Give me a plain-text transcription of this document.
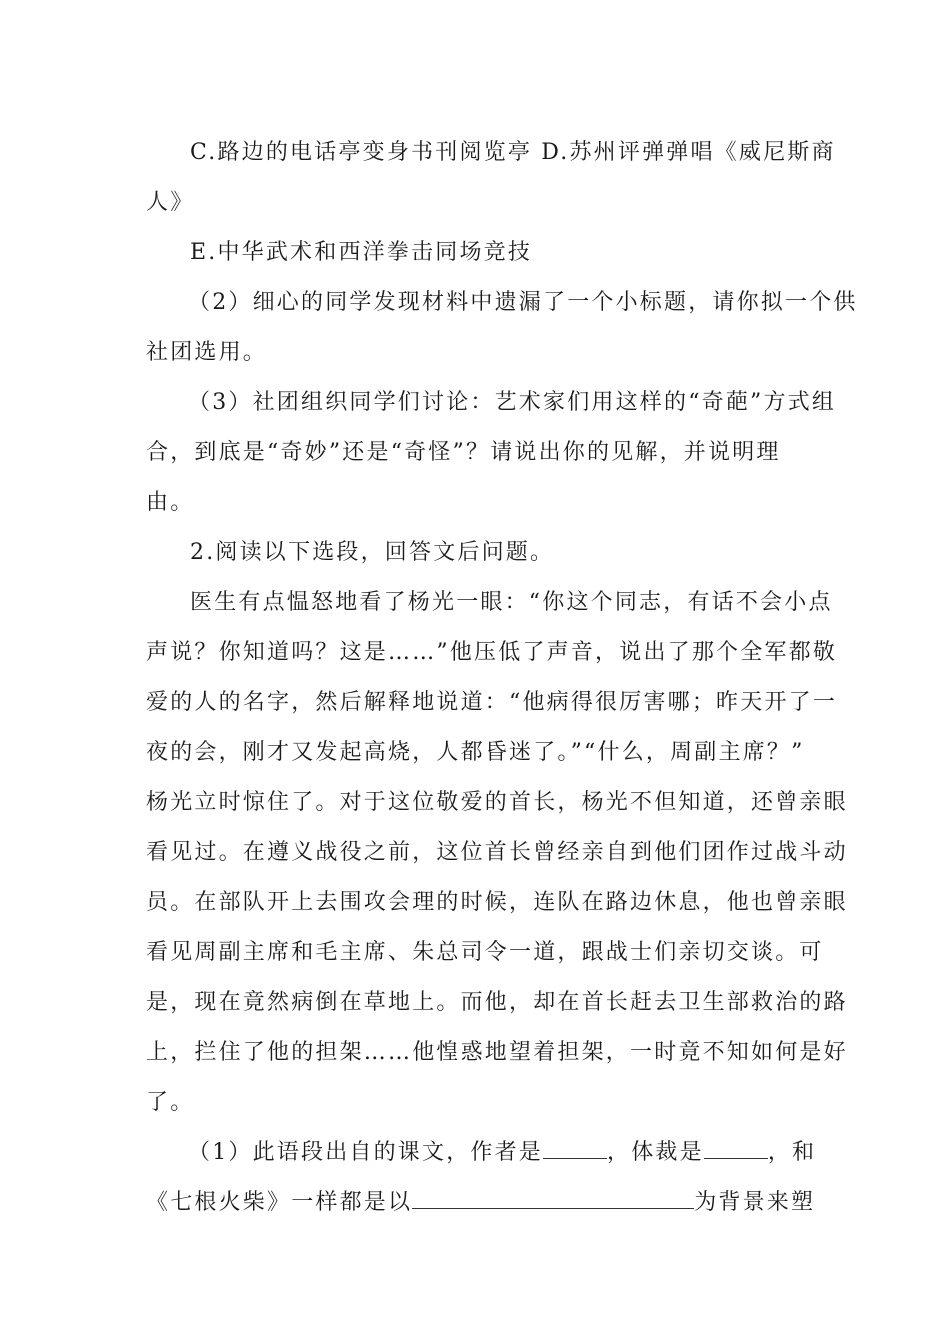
C.路边的电话亭变身书刊阅览亭 D.苏州评弹弹唱《威尼斯商
人》
E.中华武术和西洋拳击同场竞技
（2）细心的同学发现材料中遗漏了一个小标题，请你拟一个供
社团选用。
（3）社团组织同学们讨论：艺术家们用这样的“奇葩”方式组
合，到底是“奇妙”还是“奇怪”？请说出你的见解，并说明理
由。
2.阅读以下选段，回答文后问题。
医生有点愠怒地看了杨光一眼：“你这个同志，有话不会小点
声说？你知道吗？这是……”他压低了声音，说出了那个全军都敬
爱的人的名字，然后解释地说道：“他病得很厉害哪；昨天开了一
夜的会，刚才又发起高烧，人都昏迷了。”“什么，周副主席？”
杨光立时惊住了。对于这位敬爱的首长，杨光不但知道，还曾亲眼
看见过。在遵义战役之前，这位首长曾经亲自到他们团作过战斗动
员。在部队开上去围攻会理的时候，连队在路边休息，他也曾亲眼
看见周副主席和毛主席、朱总司令一道，跟战士们亲切交谈。可
是，现在竟然病倒在草地上。而他，却在首长赶去卫生部救治的路
上，拦住了他的担架……他惶惑地望着担架，一时竟不知如何是好
了。
（1）此语段出自的课文，作者是	，体裁是	，和
《七根火柴》一样都是以	为背景来塑
